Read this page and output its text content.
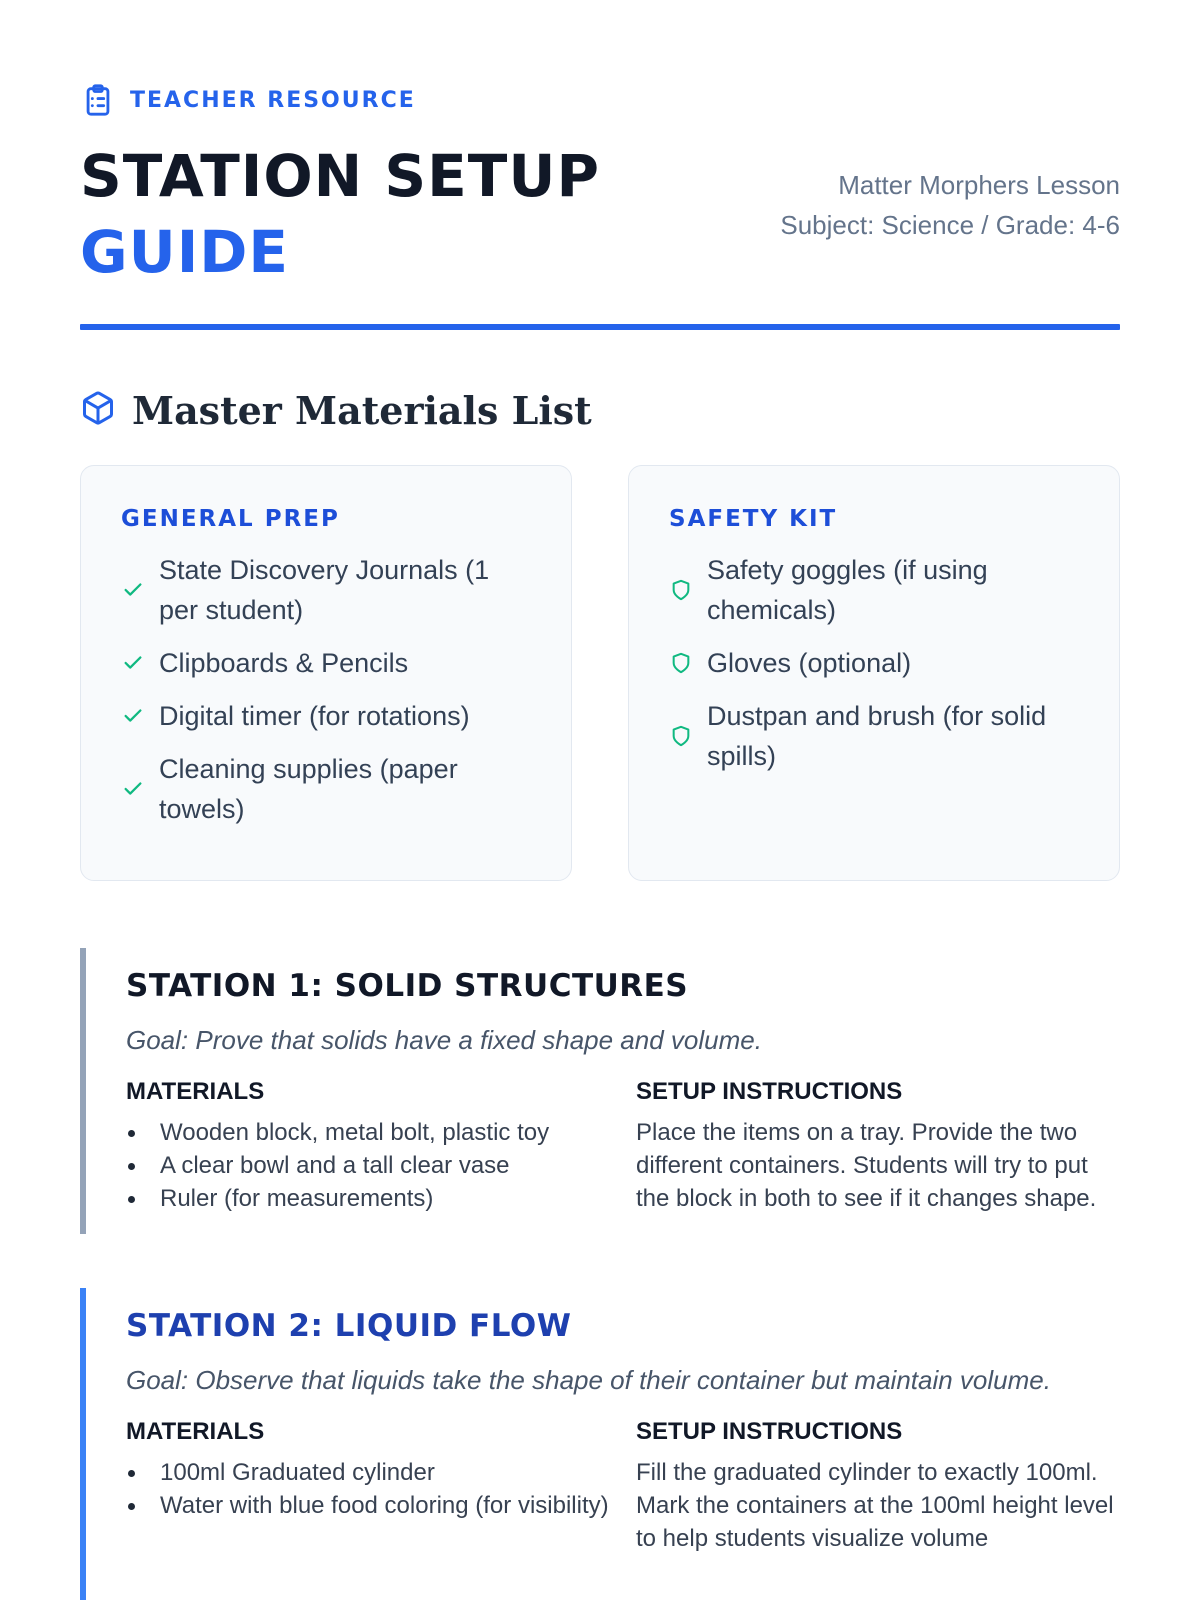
TEACHER RESOURCE
STATION SETUP
GUIDE
Matter Morphers Lesson
Subject: Science / Grade: 4-6
Master Materials List
GENERAL PREP
State Discovery Journals (1 per student)
Clipboards & Pencils
Digital timer (for rotations)
Cleaning supplies (paper towels)
SAFETY KIT
Safety goggles (if using chemicals)
Gloves (optional)
Dustpan and brush (for solid spills)
STATION 1: SOLID STRUCTURES

Goal: Prove that solids have a fixed shape and volume.

MATERIALS
Wooden block, metal bolt, plastic toy
A clear bowl and a tall clear vase
Ruler (for measurements)
SETUP INSTRUCTIONS

Place the items on a tray. Provide the two different containers. Students will try to put the block in both to see if it changes shape.

STATION 2: LIQUID FLOW

Goal: Observe that liquids take the shape of their container but maintain volume.

MATERIALS
100ml Graduated cylinder
Water with blue food coloring (for visibility)
SETUP INSTRUCTIONS

Fill the graduated cylinder to exactly 100ml. Mark the containers at the 100ml height level to help students visualize volume
